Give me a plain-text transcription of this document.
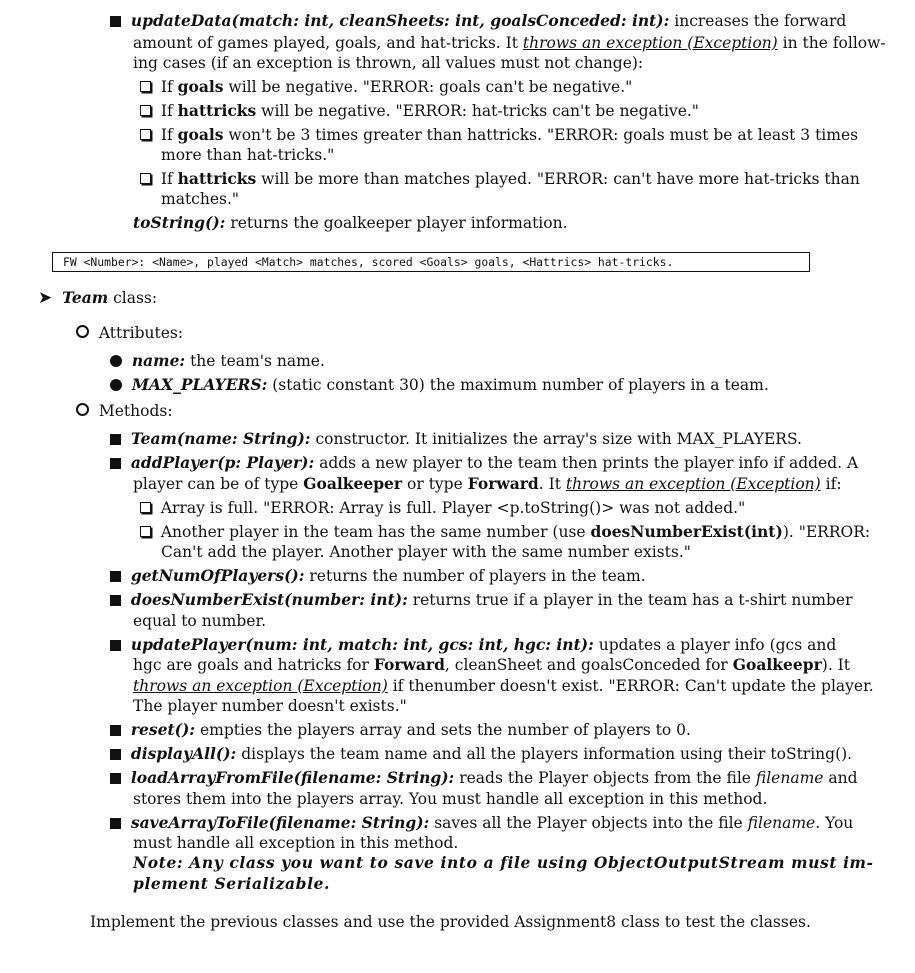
updateData(match: int, cleanSheets: int, goalsConceded: int): increases the forward
amount of games played, goals, and hat-tricks. It throws an exception (Exception) in the follow-
ing cases (if an exception is thrown, all values must not change):
If goals will be negative. "ERROR: goals can't be negative."
If hattricks will be negative. "ERROR: hat-tricks can't be negative."
If goals won't be 3 times greater than hattricks. "ERROR: goals must be at least 3 times
more than hat-tricks."
If hattricks will be more than matches played. "ERROR: can't have more hat-tricks than
matches."
toString(): returns the goalkeeper player information.
FW <Number>: <Name>, played <Match> matches, scored <Goals> goals, <Hattrics> hat-tricks.
➤ Team class:
Attributes:
name: the team's name.
MAX_PLAYERS: (static constant 30) the maximum number of players in a team.
Methods:
Team(name: String): constructor. It initializes the array's size with MAX_PLAYERS.
addPlayer(p: Player): adds a new player to the team then prints the player info if added. A
player can be of type Goalkeeper or type Forward. It throws an exception (Exception) if:
Array is full. "ERROR: Array is full. Player <p.toString()> was not added."
Another player in the team has the same number (use doesNumberExist(int)). "ERROR:
Can't add the player. Another player with the same number exists."
getNumOfPlayers(): returns the number of players in the team.
doesNumberExist(number: int): returns true if a player in the team has a t-shirt number
equal to number.
updatePlayer(num: int, match: int, gcs: int, hgc: int): updates a player info (gcs and
hgc are goals and hatricks for Forward, cleanSheet and goalsConceded for Goalkeepr). It
throws an exception (Exception) if thenumber doesn't exist. "ERROR: Can't update the player.
The player number doesn't exists."
reset(): empties the players array and sets the number of players to 0.
displayAll(): displays the team name and all the players information using their toString().
loadArrayFromFile(filename: String): reads the Player objects from the file filename and
stores them into the players array. You must handle all exception in this method.
saveArrayToFile(filename: String): saves all the Player objects into the file filename. You
must handle all exception in this method.
Note: Any class you want to save into a file using ObjectOutputStream must im-
plement Serializable.
Implement the previous classes and use the provided Assignment8 class to test the classes.
